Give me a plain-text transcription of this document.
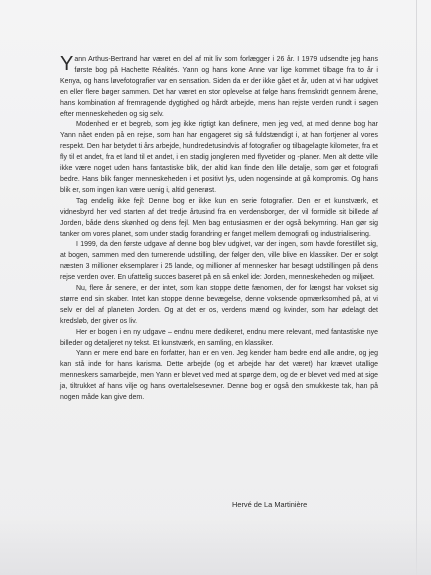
Yann Arthus-Bertrand har været en del af mit liv som forlægger i 26 år. I 1979 udsendte jeg hans første bog på Hachette Réalités. Yann og hans kone Anne var lige kommet tilbage fra to år i Kenya, og hans løvefotografier var en sensation. Siden da er der ikke gået et år, uden at vi har udgivet en eller flere bøger sammen. Det har været en stor oplevelse at følge hans fremskridt gennem årene, hans kombination af fremragende dygtighed og hårdt arbejde, mens han rejste verden rundt i søgen efter menneskeheden og sig selv.

Modenhed er et begreb, som jeg ikke rigtigt kan definere, men jeg ved, at med denne bog har Yann nået enden på en rejse, som han har engageret sig så fuldstændigt i, at han fortjener al vores respekt. Den har betydet ti års arbejde, hundredetusindvis af fotografier og tilbagelagte kilometer, fra et fly til et andet, fra et land til et andet, i en stadig jongleren med flyvetider og -planer. Men alt dette ville ikke være noget uden hans fantastiske blik, der altid kan finde den lille detalje, som gør et fotografi bedre. Hans blik fanger menneskeheden i et positivt lys, uden nogensinde at gå kompromis. Og hans blik er, som ingen kan være uenig i, altid generøst.

Tag endelig ikke fejl: Denne bog er ikke kun en serie fotografier. Den er et kunstværk, et vidnesbyrd her ved starten af det tredje årtusind fra en verdensborger, der vil formidle sit billede af Jorden, både dens skønhed og dens fejl. Men bag entusiasmen er der også bekymring. Han gør sig tanker om vores planet, som under stadig forandring er fanget mellem demografi og industrialisering.

I 1999, da den første udgave af denne bog blev udgivet, var der ingen, som havde forestillet sig, at bogen, sammen med den turnerende udstilling, der følger den, ville blive en klassiker. Der er solgt næsten 3 millioner eksemplarer i 25 lande, og millioner af mennesker har besøgt udstillingen på dens rejse verden over. En ufattelig succes baseret på en så enkel ide: Jorden, menneskeheden og miljøet.

Nu, flere år senere, er der intet, som kan stoppe dette fænomen, der for længst har vokset sig større end sin skaber. Intet kan stoppe denne bevægelse, denne voksende opmærksomhed på, at vi selv er del af planeten Jorden. Og at det er os, verdens mænd og kvinder, som har ødelagt det kredsløb, der giver os liv.

Her er bogen i en ny udgave – endnu mere dedikeret, endnu mere relevant, med fantastiske nye billeder og detaljeret ny tekst. Et kunstværk, en samling, en klassiker.

Yann er mere end bare en forfatter, han er en ven. Jeg kender ham bedre end alle andre, og jeg kan stå inde for hans karisma. Dette arbejde (og et arbejde har det været) har krævet utallige menneskers samarbejde, men Yann er blevet ved med at spørge dem, og de er blevet ved med at sige ja, tiltrukket af hans vilje og hans overtalelsesevner. Denne bog er også den smukkeste tak, han på nogen måde kan give dem.

Hervé de La Martinière
